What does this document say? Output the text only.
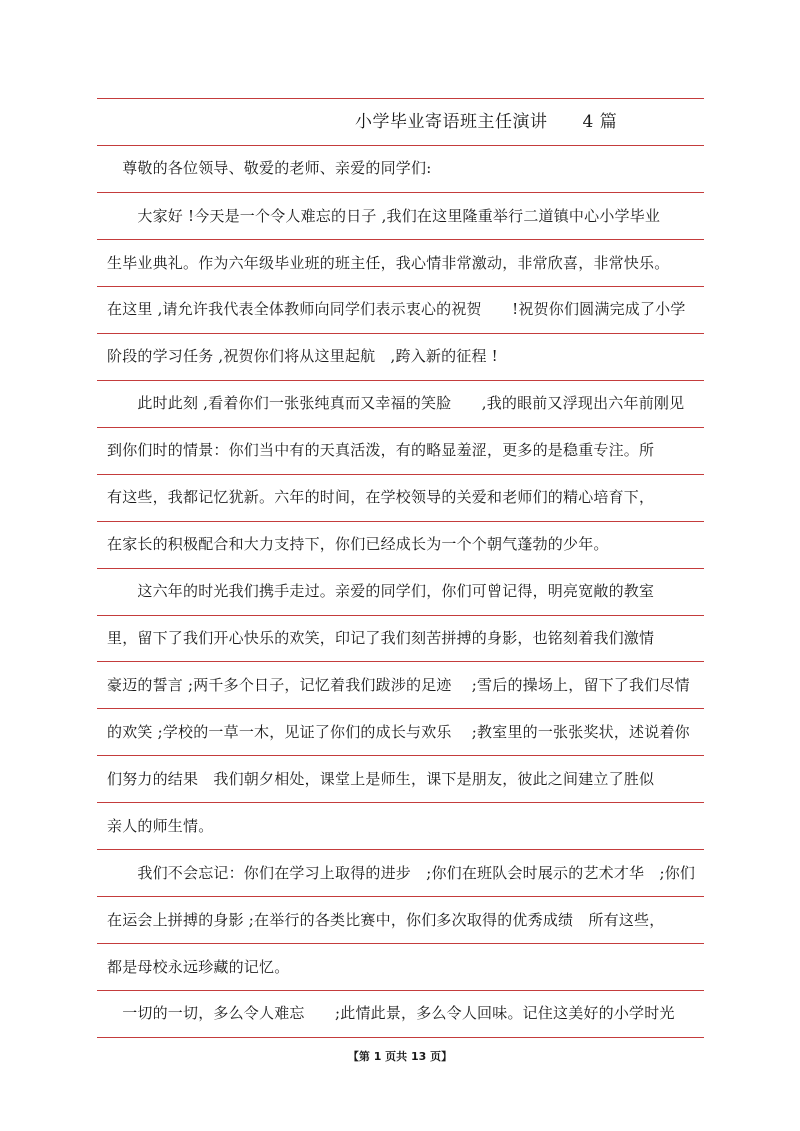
小学毕业寄语班主任演讲　　4 篇
　尊敬的各位领导、敬爱的老师、亲爱的同学们:
　　大家好 !今天是一个令人难忘的日子 ,我们在这里隆重举行二道镇中心小学毕业
生毕业典礼。作为六年级毕业班的班主任，我心情非常激动，非常欣喜，非常快乐。
在这里 ,请允许我代表全体教师向同学们表示衷心的祝贺　　!祝贺你们圆满完成了小学
阶段的学习任务 ,祝贺你们将从这里起航　,跨入新的征程 !
　　此时此刻 ,看着你们一张张纯真而又幸福的笑脸　　,我的眼前又浮现出六年前刚见
到你们时的情景：你们当中有的天真活泼，有的略显羞涩，更多的是稳重专注。所
有这些，我都记忆犹新。六年的时间，在学校领导的关爱和老师们的精心培育下，
在家长的积极配合和大力支持下，你们已经成长为一个个朝气蓬勃的少年。
　　这六年的时光我们携手走过。亲爱的同学们，你们可曾记得，明亮宽敞的教室
里，留下了我们开心快乐的欢笑，印记了我们刻苦拼搏的身影，也铭刻着我们激情
豪迈的誓言 ;两千多个日子，记忆着我们跋涉的足迹　 ;雪后的操场上，留下了我们尽情
的欢笑 ;学校的一草一木，见证了你们的成长与欢乐　 ;教室里的一张张奖状，述说着你
们努力的结果　我们朝夕相处，课堂上是师生，课下是朋友，彼此之间建立了胜似
亲人的师生情。
　　我们不会忘记：你们在学习上取得的进步　;你们在班队会时展示的艺术才华　;你们
在运会上拼搏的身影 ;在举行的各类比赛中，你们多次取得的优秀成绩　所有这些，
都是母校永远珍藏的记忆。
　一切的一切，多么令人难忘　　;此情此景，多么令人回味。记住这美好的小学时光
【第 1 页共 13 页】
